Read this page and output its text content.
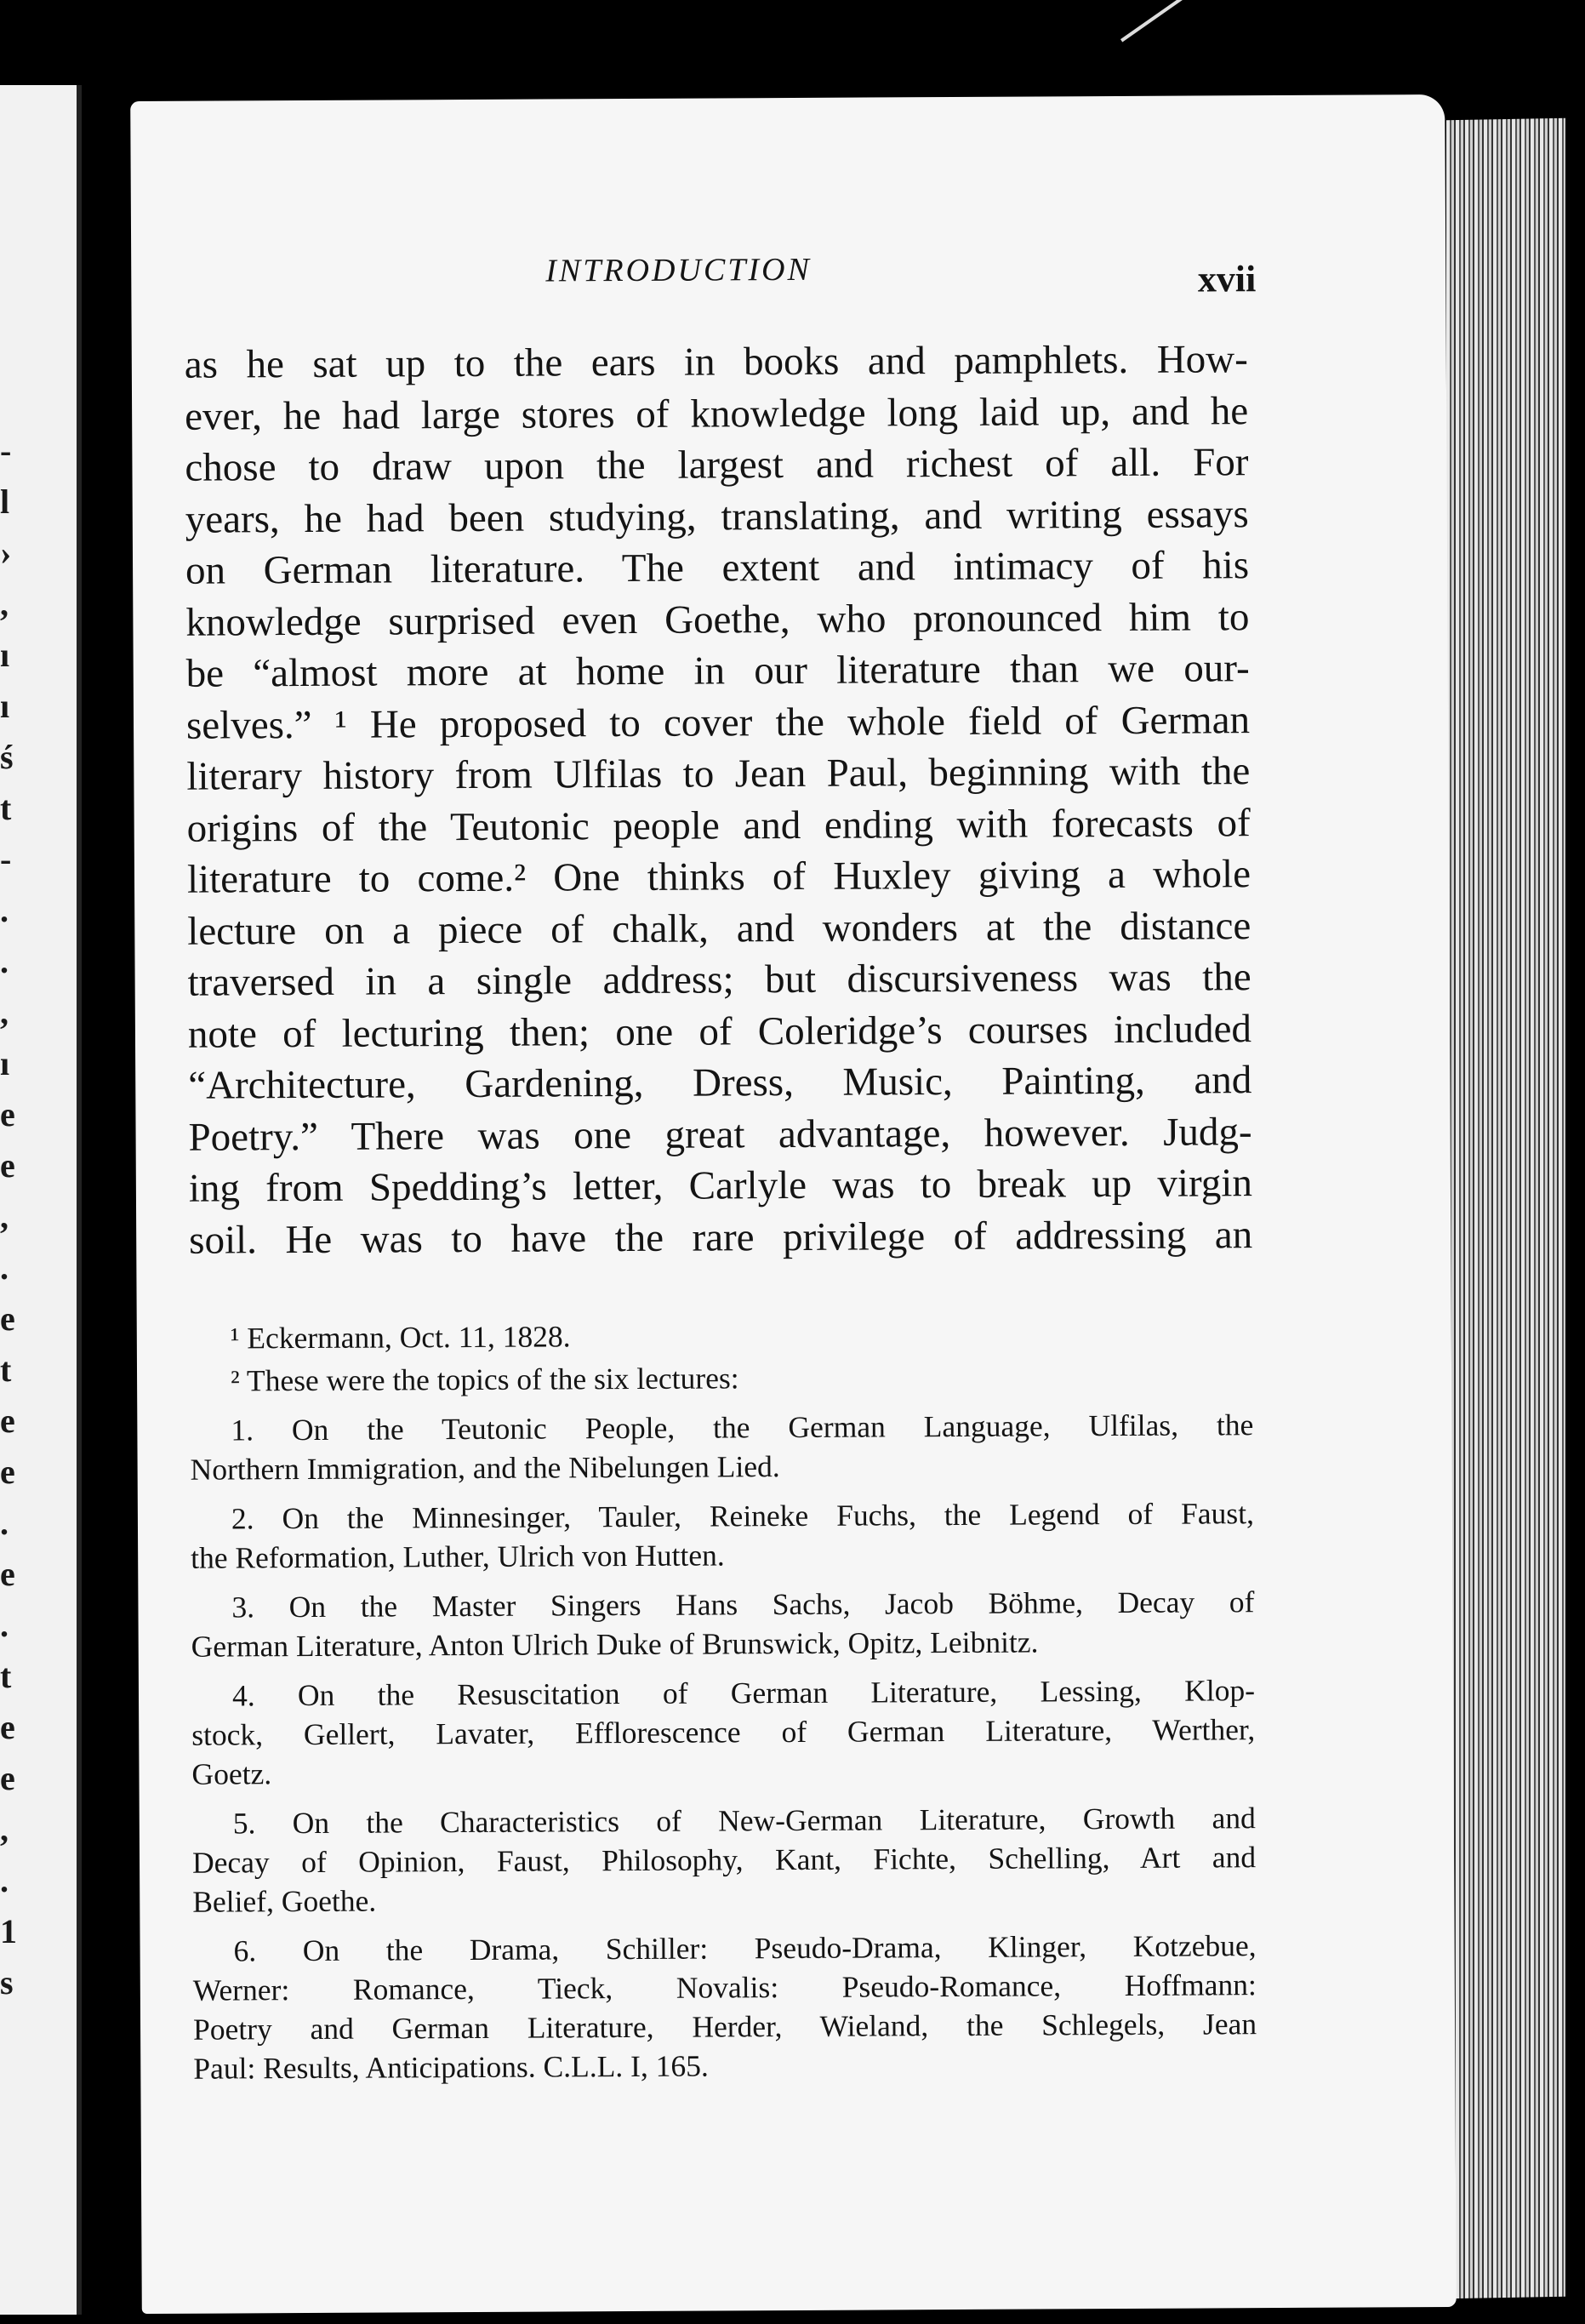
-
l
›
,
ı
ı
ś
t
-
.
.
,
ı
e
e
,
.
e
t
e
e
.
e
.
t
e
e
,
.
1
s
INTRODUCTION	xvii
as he sat up to the ears in books and pamphlets. How-
ever, he had large stores of knowledge long laid up, and he
chose to draw upon the largest and richest of all. For
years, he had been studying, translating, and writing essays
on German literature. The extent and intimacy of his
knowledge surprised even Goethe, who pronounced him to
be “almost more at home in our literature than we our-
selves.” ¹ He proposed to cover the whole field of German
literary history from Ulfilas to Jean Paul, beginning with the
origins of the Teutonic people and ending with forecasts of
literature to come.² One thinks of Huxley giving a whole
lecture on a piece of chalk, and wonders at the distance
traversed in a single address; but discursiveness was the
note of lecturing then; one of Coleridge’s courses included
“Architecture, Gardening, Dress, Music, Painting, and
Poetry.” There was one great advantage, however. Judg-
ing from Spedding’s letter, Carlyle was to break up virgin
soil. He was to have the rare privilege of addressing an
¹ Eckermann, Oct. 11, 1828.
² These were the topics of the six lectures:
1. On the Teutonic People, the German Language, Ulfilas, the
Northern Immigration, and the Nibelungen Lied.
2. On the Minnesinger, Tauler, Reineke Fuchs, the Legend of Faust,
the Reformation, Luther, Ulrich von Hutten.
3. On the Master Singers Hans Sachs, Jacob Böhme, Decay of
German Literature, Anton Ulrich Duke of Brunswick, Opitz, Leibnitz.
4. On the Resuscitation of German Literature, Lessing, Klop-
stock, Gellert, Lavater, Efflorescence of German Literature, Werther,
Goetz.
5. On the Characteristics of New-German Literature, Growth and
Decay of Opinion, Faust, Philosophy, Kant, Fichte, Schelling, Art and
Belief, Goethe.
6. On the Drama, Schiller: Pseudo-Drama, Klinger, Kotzebue,
Werner: Romance, Tieck, Novalis: Pseudo-Romance, Hoffmann:
Poetry and German Literature, Herder, Wieland, the Schlegels, Jean
Paul: Results, Anticipations. C.L.L. I, 165.
